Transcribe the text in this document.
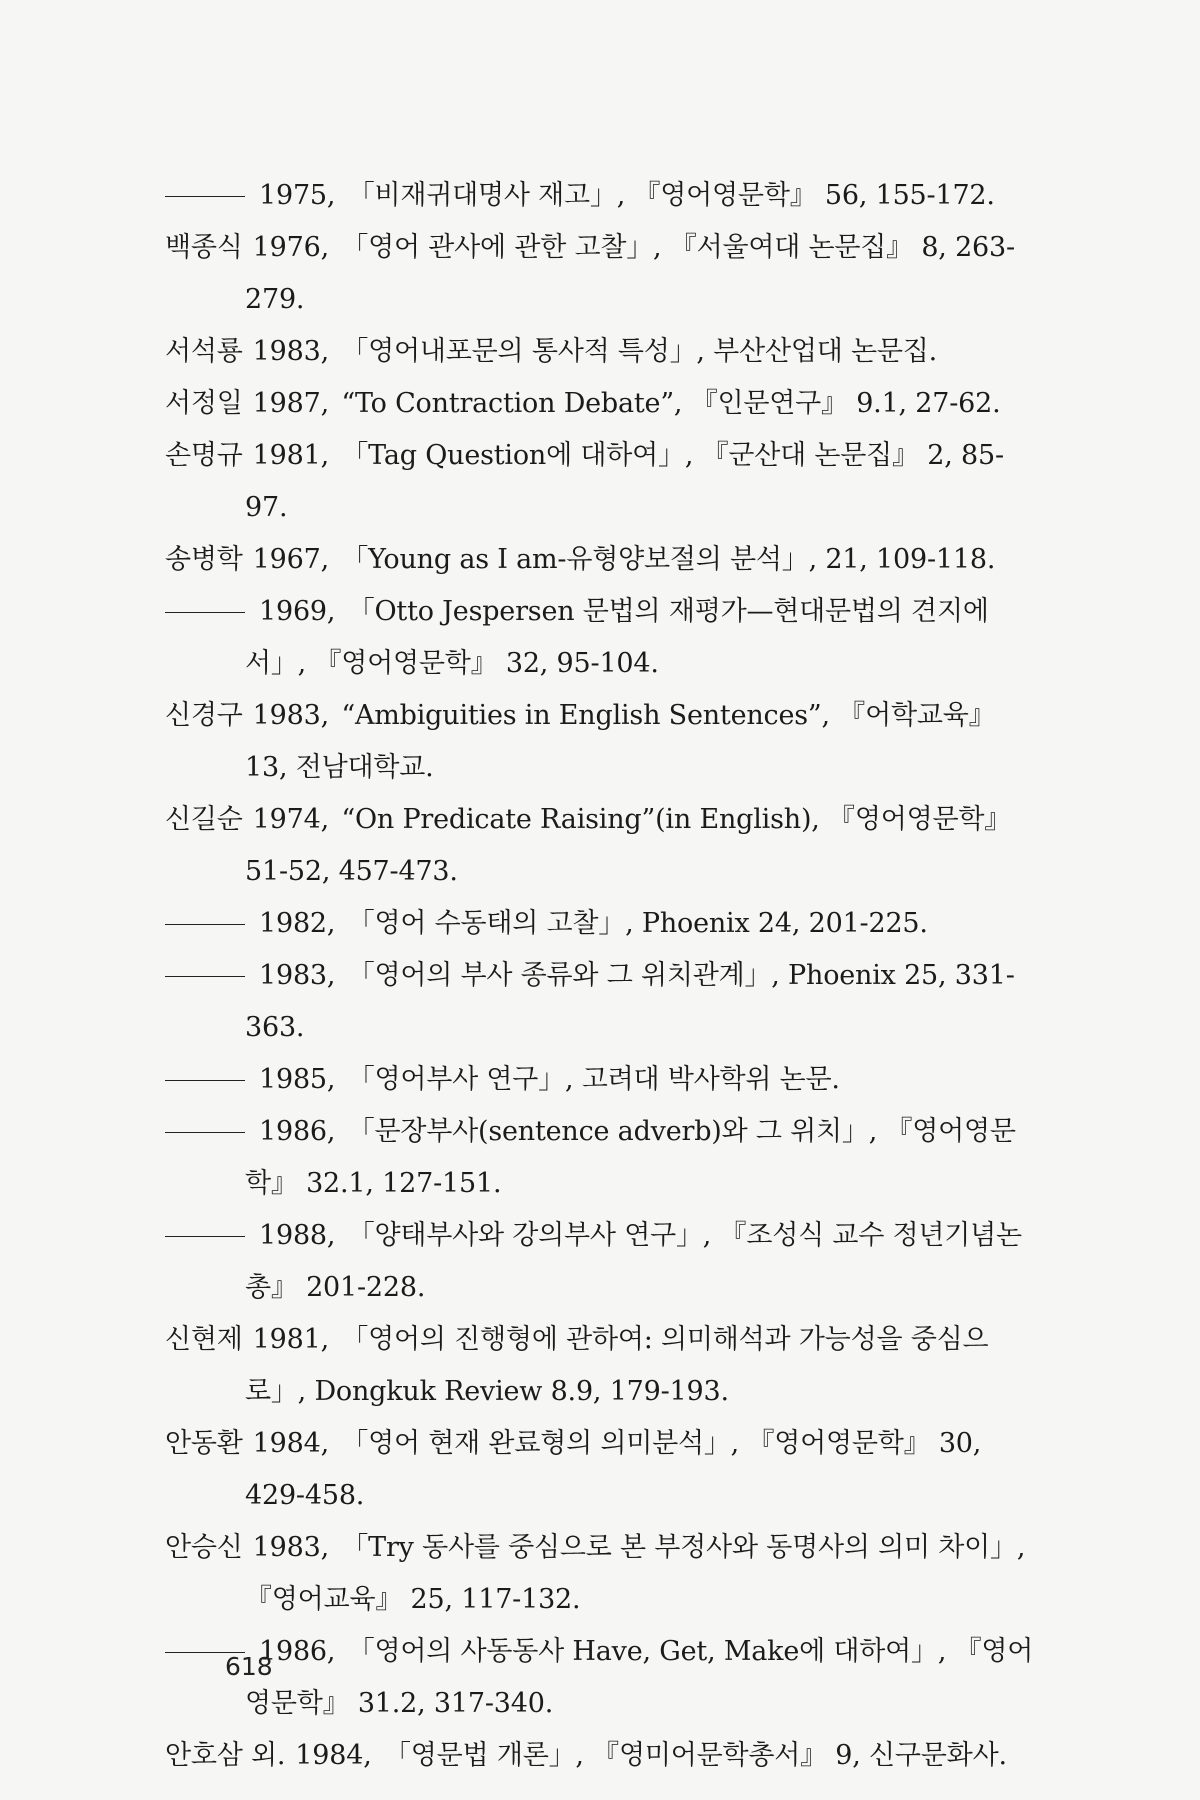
1975, 「비재귀대명사 재고」, 『영어영문학』 56, 155-172.
백종식 1976, 「영어 관사에 관한 고찰」, 『서울여대 논문집』 8, 263-279.
서석룡 1983, 「영어내포문의 통사적 특성」, 부산산업대 논문집.
서정일 1987, “To Contraction Debate”, 『인문연구』 9.1, 27-62.
손명규 1981, 「Tag Question에 대하여」, 『군산대 논문집』 2, 85-97.
송병학 1967, 「Young as I am-유형양보절의 분석」, 21, 109-118.
1969, 「Otto Jespersen 문법의 재평가—현대문법의 견지에서」, 『영어영문학』 32, 95-104.
신경구 1983, “Ambiguities in English Sentences”, 『어학교육』 13, 전남대학교.
신길순 1974, “On Predicate Raising”(in English), 『영어영문학』 51-52, 457-473.
1982, 「영어 수동태의 고찰」, Phoenix 24, 201-225.
1983, 「영어의 부사 종류와 그 위치관계」, Phoenix 25, 331-363.
1985, 「영어부사 연구」, 고려대 박사학위 논문.
1986, 「문장부사(sentence adverb)와 그 위치」, 『영어영문학』 32.1, 127-151.
1988, 「양태부사와 강의부사 연구」, 『조성식 교수 정년기념논총』 201-228.
신현제 1981, 「영어의 진행형에 관하여: 의미해석과 가능성을 중심으로」, Dongkuk Review 8.9, 179-193.
안동환 1984, 「영어 현재 완료형의 의미분석」, 『영어영문학』 30, 429-458.
안승신 1983, 「Try 동사를 중심으로 본 부정사와 동명사의 의미 차이」, 『영어교육』 25, 117-132.
1986, 「영어의 사동동사 Have, Get, Make에 대하여」, 『영어영문학』 31.2, 317-340.
안호삼 외. 1984, 「영문법 개론」, 『영미어문학총서』 9, 신구문화사.
618
